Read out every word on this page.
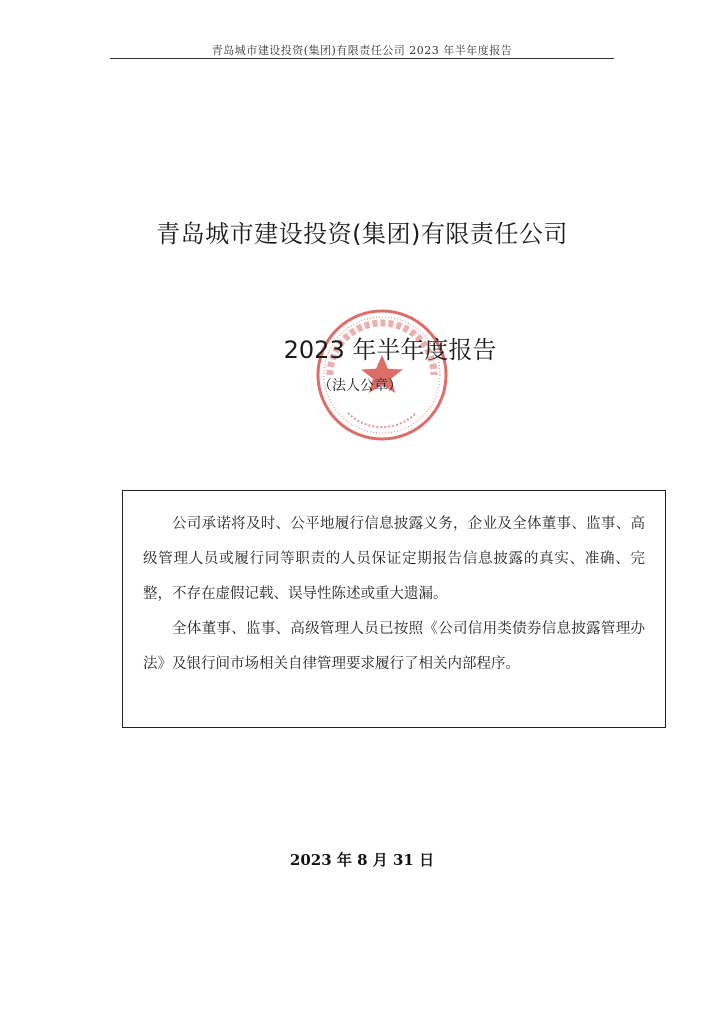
青岛城市建设投资(集团)有限责任公司 2023 年半年度报告
青岛城市建设投资(集团)有限责任公司
2023 年半年度报告
（法人公章）

公司承诺将及时、公平地履行信息披露义务，企业及全体董事、监事、高级管理人员或履行同等职责的人员保证定期报告信息披露的真实、准确、完整，不存在虚假记载、误导性陈述或重大遗漏。

全体董事、监事、高级管理人员已按照《公司信用类债券信息披露管理办法》及银行间市场相关自律管理要求履行了相关内部程序。

2023 年 8 月 31 日
